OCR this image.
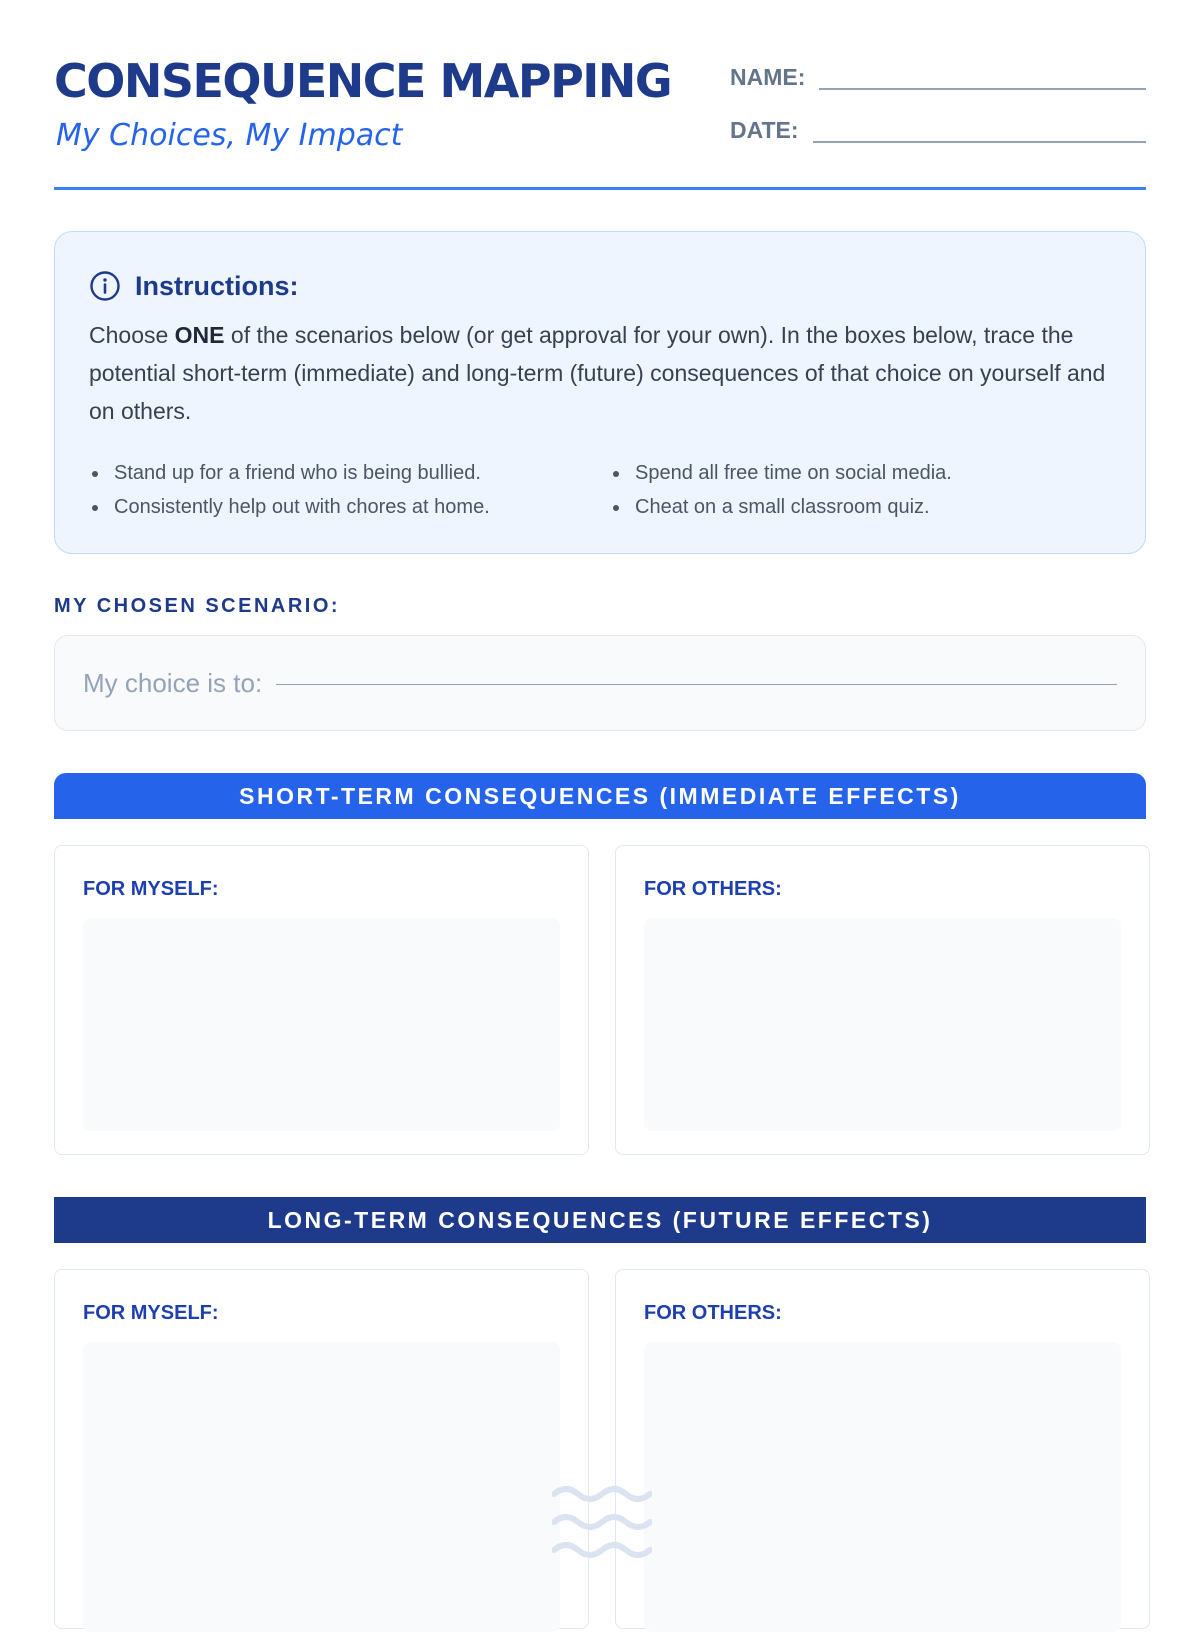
CONSEQUENCE MAPPING
My Choices, My Impact
NAME:
DATE:
Instructions:

Choose ONE of the scenarios below (or get approval for your own). In the boxes below, trace the potential short-term (immediate) and long-term (future) consequences of that choice on yourself and on others.

Stand up for a friend who is being bullied.	Spend all free time on social media.
Consistently help out with chores at home.	Cheat on a small classroom quiz.
MY CHOSEN SCENARIO:
My choice is to:
SHORT-TERM CONSEQUENCES (IMMEDIATE EFFECTS)
FOR MYSELF:	FOR OTHERS:
LONG-TERM CONSEQUENCES (FUTURE EFFECTS)
FOR MYSELF:	FOR OTHERS:
